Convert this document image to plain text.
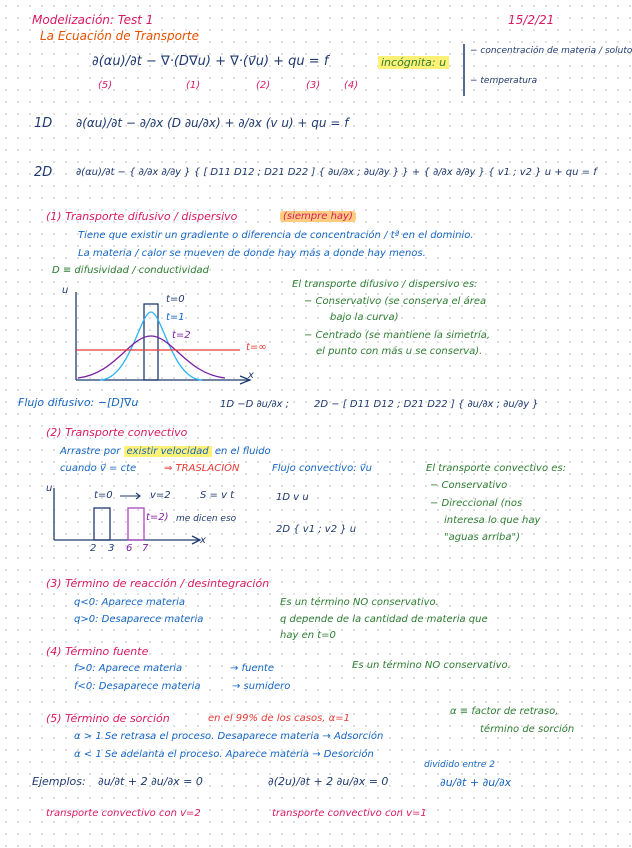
Modelización: Test 1	15/2/21
La Ecuación de Transporte
∂(αu)/∂t − ∇·(D∇u) + ∇·(v⃗u) + qu = f	incógnita: u
(5)	(1)	(2)	(3) (4)
− concentración de materia / soluto
− temperatura
1D ∂(αu)/∂t − ∂/∂x (D ∂u/∂x) + ∂/∂x (v u) + qu = f
2D ∂(αu)/∂t − { ∂/∂x ∂/∂y } { [ D11 D12 ; D21 D22 ] { ∂u/∂x ; ∂u/∂y } } + { ∂/∂x ∂/∂y } { v1 ; v2 } u + qu = f
(1) Transporte difusivo / dispersivo	(siempre hay)
Tiene que existir un gradiente o diferencia de concentración / tª en el dominio.
La materia / calor se mueven de donde hay más a donde hay menos.
D ≡ difusividad / conductividad
u
x
t=0
t=1
t=2
t=∞
El transporte difusivo / dispersivo es:
− Conservativo (se conserva el área
bajo la curva)
− Centrado (se mantiene la simetría,
el punto con más u se conserva).
Flujo difusivo: −[D]∇u	1D −D ∂u/∂x ; 2D − [ D11 D12 ; D21 D22 ] { ∂u/∂x ; ∂u/∂y }
(2) Transporte convectivo
Arrastre por existir velocidad en el fluido
cuando v⃗ = cte	⇒ TRASLACIÓN	Flujo convectivo: v⃗u
u
x
t=0	v=2	S = v t
t=2) me dicen eso
2 3 6 7
1D v u
2D { v1 ; v2 } u
El transporte convectivo es:
− Conservativo
− Direccional (nos
interesa lo que hay
"aguas arriba")
(3) Término de reacción / desintegración
q<0: Aparece materia
q>0: Desaparece materia
Es un término NO conservativo.
q depende de la cantidad de materia que
hay en t=0
(4) Término fuente
f>0: Aparece materia
f<0: Desaparece materia
→ fuente
→ sumidero
Es un término NO conservativo.
(5) Término de sorción	en el 99% de los casos, α=1
α ≡ factor de retraso,
término de sorción
α > 1 Se retrasa el proceso. Desaparece materia → Adsorción
α < 1 Se adelanta el proceso. Aparece materia → Desorción
Ejemplos: ∂u/∂t + 2 ∂u/∂x = 0	∂(2u)/∂t + 2 ∂u/∂x = 0
dividido entre 2
∂u/∂t + ∂u/∂x
transporte convectivo con v=2	transporte convectivo con v=1
